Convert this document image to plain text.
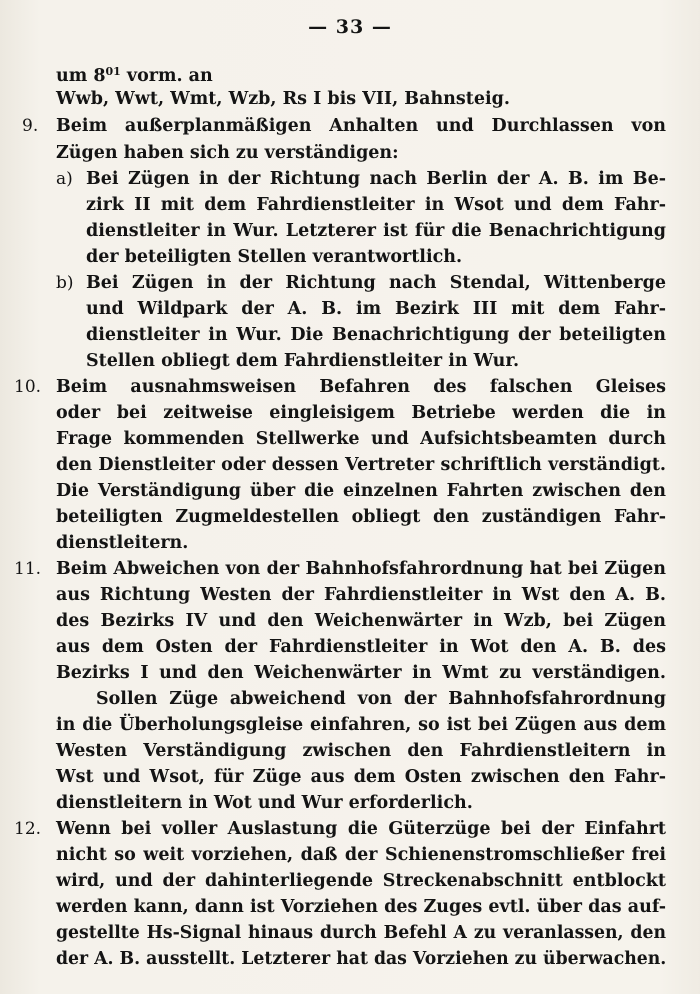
— 33 —
um $8^{01}$ vorm. an
Wwb, Wwt, Wmt, Wzb, Rs I bis VII, Bahnsteig.
9. Beim außerplanmäßigen Anhalten und Durchlassen von
Zügen haben sich zu verständigen:
a) Bei Zügen in der Richtung nach Berlin der A. B. im Be-
zirk II mit dem Fahrdienstleiter in Wsot und dem Fahr-
dienstleiter in Wur. Letzterer ist für die Benachrichtigung
der beteiligten Stellen verantwortlich.
b) Bei Zügen in der Richtung nach Stendal, Wittenberge
und Wildpark der A. B. im Bezirk III mit dem Fahr-
dienstleiter in Wur. Die Benachrichtigung der beteiligten
Stellen obliegt dem Fahrdienstleiter in Wur.
10. Beim ausnahmsweisen Befahren des falschen Gleises
oder bei zeitweise eingleisigem Betriebe werden die in
Frage kommenden Stellwerke und Aufsichtsbeamten durch
den Dienstleiter oder dessen Vertreter schriftlich verständigt.
Die Verständigung über die einzelnen Fahrten zwischen den
beteiligten Zugmeldestellen obliegt den zuständigen Fahr-
dienstleitern.
11. Beim Abweichen von der Bahnhofsfahrordnung hat bei Zügen
aus Richtung Westen der Fahrdienstleiter in Wst den A. B.
des Bezirks IV und den Weichenwärter in Wzb, bei Zügen
aus dem Osten der Fahrdienstleiter in Wot den A. B. des
Bezirks I und den Weichenwärter in Wmt zu verständigen.
Sollen Züge abweichend von der Bahnhofsfahrordnung
in die Überholungsgleise einfahren, so ist bei Zügen aus dem
Westen Verständigung zwischen den Fahrdienstleitern in
Wst und Wsot, für Züge aus dem Osten zwischen den Fahr-
dienstleitern in Wot und Wur erforderlich.
12. Wenn bei voller Auslastung die Güterzüge bei der Einfahrt
nicht so weit vorziehen, daß der Schienenstromschließer frei
wird, und der dahinterliegende Streckenabschnitt entblockt
werden kann, dann ist Vorziehen des Zuges evtl. über das auf-
gestellte Hs-Signal hinaus durch Befehl A zu veranlassen, den
der A. B. ausstellt. Letzterer hat das Vorziehen zu überwachen.
